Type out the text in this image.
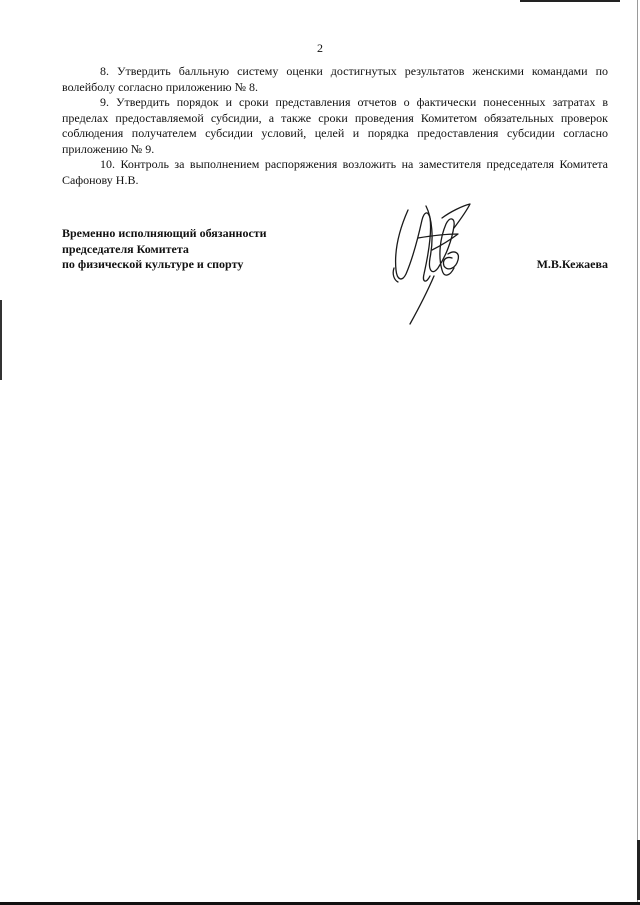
2

8. Утвердить балльную систему оценки достигнутых результатов женскими командами по волейболу согласно приложению № 8.

9. Утвердить порядок и сроки представления отчетов о фактически понесенных затратах в пределах предоставляемой субсидии, а также сроки проведения Комитетом обязательных проверок соблюдения получателем субсидии условий, целей и порядка предоставления субсидии согласно приложению № 9.

10. Контроль за выполнением распоряжения возложить на заместителя председателя Комитета Сафонову Н.В.

Временно исполняющий обязанности
председателя Комитета
по физической культуре и спорту	М.В.Кежаева
